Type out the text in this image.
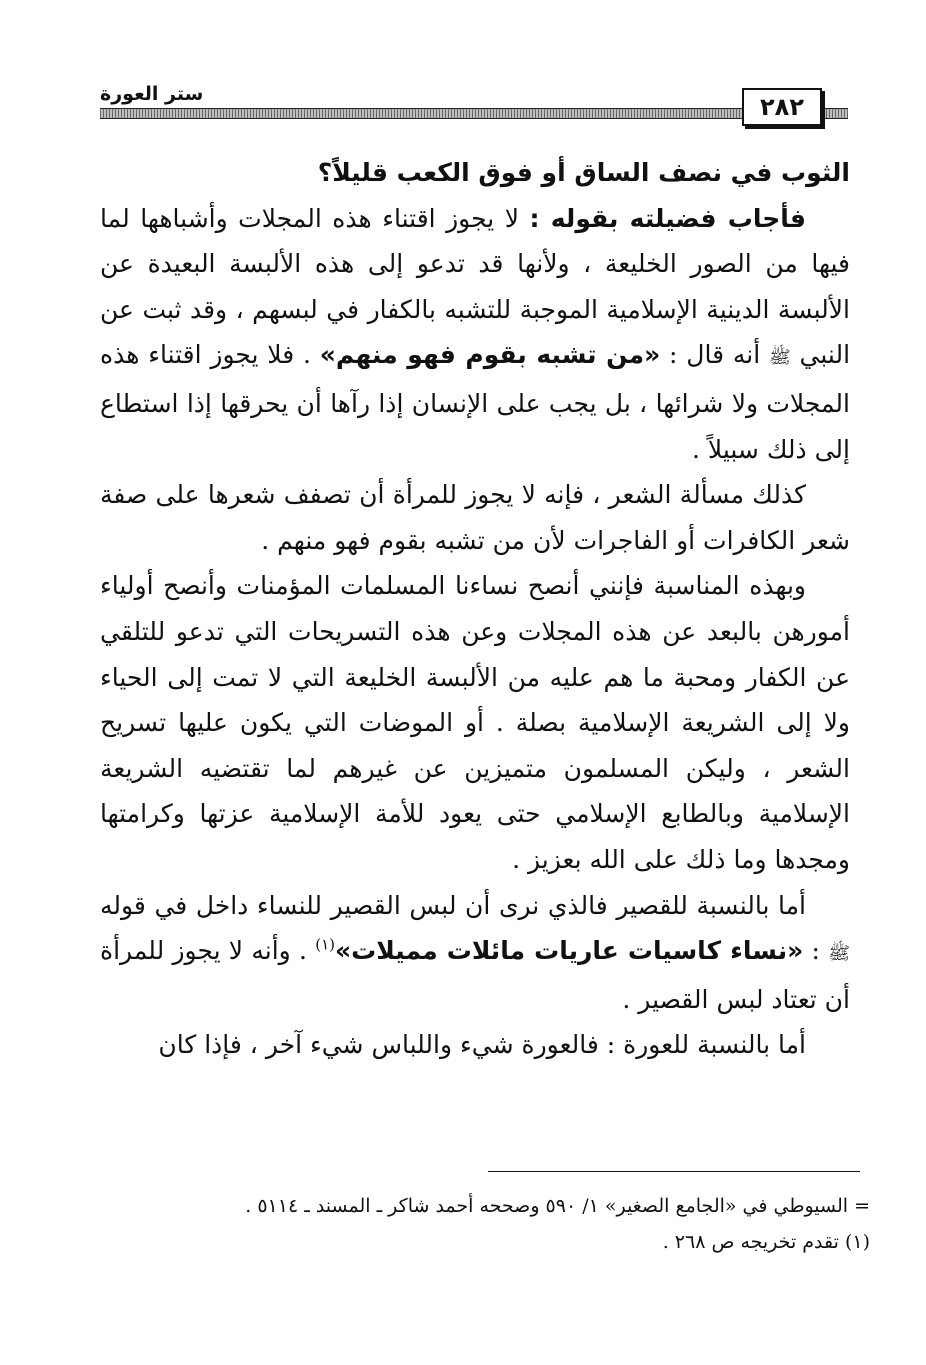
ستر العورة	٢٨٢

الثوب في نصف الساق أو فوق الكعب قليلاً؟

فأجاب فضيلته بقوله : لا يجوز اقتناء هذه المجلات وأشباهها لما فيها من الصور الخليعة ، ولأنها قد تدعو إلى هذه الألبسة البعيدة عن الألبسة الدينية الإسلامية الموجبة للتشبه بالكفار في لبسهم ، وقد ثبت عن النبي ﷺ أنه قال : «من تشبه بقوم فهو منهم» . فلا يجوز اقتناء هذه المجلات ولا شرائها ، بل يجب على الإنسان إذا رآها أن يحرقها إذا استطاع إلى ذلك سبيلاً .

كذلك مسألة الشعر ، فإنه لا يجوز للمرأة أن تصفف شعرها على صفة شعر الكافرات أو الفاجرات لأن من تشبه بقوم فهو منهم .

وبهذه المناسبة فإنني أنصح نساءنا المسلمات المؤمنات وأنصح أولياء أمورهن بالبعد عن هذه المجلات وعن هذه التسريحات التي تدعو للتلقي عن الكفار ومحبة ما هم عليه من الألبسة الخليعة التي لا تمت إلى الحياء ولا إلى الشريعة الإسلامية بصلة . أو الموضات التي يكون عليها تسريح الشعر ، وليكن المسلمون متميزين عن غيرهم لما تقتضيه الشريعة الإسلامية وبالطابع الإسلامي حتى يعود للأمة الإسلامية عزتها وكرامتها ومجدها وما ذلك على الله بعزيز .

أما بالنسبة للقصير فالذي نرى أن لبس القصير للنساء داخل في قوله ﷺ : «نساء كاسيات عاريات مائلات مميلات»$^{(١)}$ . وأنه لا يجوز للمرأة أن تعتاد لبس القصير .

أما بالنسبة للعورة : فالعورة شيء واللباس شيء آخر ، فإذا كان

= السيوطي في «الجامع الصغير» ١/ ٥٩٠ وصححه أحمد شاكر ـ المسند ـ ٥١١٤ .

(١) تقدم تخريجه ص ٢٦٨ .
